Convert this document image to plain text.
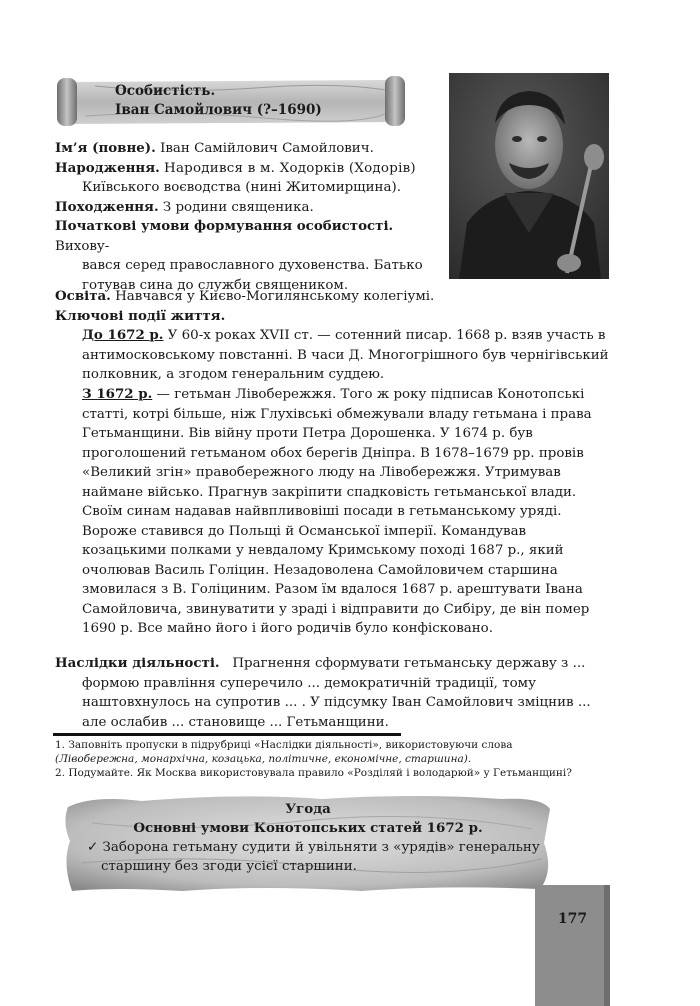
Особистість.
Іван Самойлович (?–1690)

Ім’я (повне). Іван Самійлович Самойлович.

Народження. Народився в м. Ходорків (Ходорів)

Київського воєводства (нині Житомирщина).

Походження. З родини священика.

Початкові умови формування особистості. Вихову-

вався серед православного духовенства. Батько

готував сина до служби священиком.

Освіта. Навчався у Києво-Могилянському колегіумі.

Ключові події життя.

До 1672 р. У 60-х роках XVII ст. — сотенний писар. 1668 р. взяв участь в

антимосковському повстанні. В часи Д. Многогрішного був чернігівський

полковник, а згодом генеральним суддею.

З 1672 р. — гетьман Лівобережжя. Того ж року підписав Конотопські

статті, котрі більше, ніж Глухівські обмежували владу гетьмана і права

Гетьманщини. Вів війну проти Петра Дорошенка. У 1674 р. був

проголошений гетьманом обох берегів Дніпра. В 1678–1679 рр. провів

«Великий згін» правобережного люду на Лівобережжя. Утримував

наймане військо. Прагнув закріпити спадковість гетьманської влади.

Своїм синам надавав найвпливовіші посади в гетьманському уряді.

Вороже ставився до Польщі й Османської імперії. Командував

козацькими полками у невдалому Кримському поході 1687 р., який

очолював Василь Голіцин. Незадоволена Самойловичем старшина

змовилася з В. Голіциним. Разом їм вдалося 1687 р. арештувати Івана

Самойловича, звинуватити у зраді і відправити до Сибіру, де він помер

1690 р. Все майно його і його родичів було конфісковано.

Наслідки діяльності. Прагнення сформувати гетьманську державу з ...

формою правління суперечило ... демократичній традиції, тому

наштовхнулось на супротив ... . У підсумку Іван Самойлович зміцнив ...

але ослабив ... становище ... Гетьманщини.

1. Заповніть пропуски в підрубриці «Наслідки діяльності», використовуючи слова
(Лівобережна, монархічна, козацька, політичне, економічне, старшина).
2. Подумайте. Як Москва використовувала правило «Розділяй і володарюй» у Гетьманщині?
Угода
Основні умови Конотопських статей 1672 р.
✓ Заборона гетьману судити й увільняти з «урядів» генеральну
старшину без згоди усієї старшини.
177
